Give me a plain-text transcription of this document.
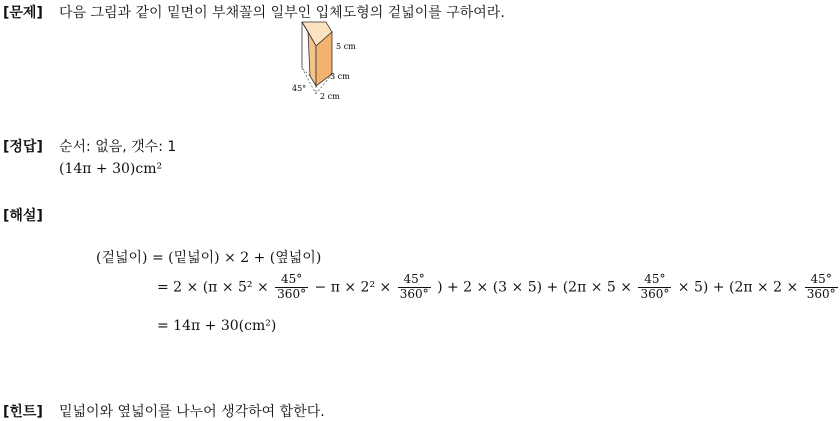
[문제] 다음 그림과 같이 밑면이 부채꼴의 일부인 입체도형의 겉넓이를 구하여라.
5 cm
3 cm
2 cm
45°
[정답] 순서: 없음, 갯수: 1
(14π + 30)cm²
[해설]
(겉넓이) = (밑넓이) × 2 + (옆넓이)
= $2 \times (\pi \times 5^2 \times \frac{45^\circ}{360^\circ} - \pi \times 2^2 \times \frac{45^\circ}{360^\circ}$ ) + $2 \times (3 \times 5) + (2\pi \times 5 \times \frac{45^\circ}{360^\circ} \times 5) + (2\pi \times 2 \times \frac{45^\circ}{360^\circ}$
= 14π + 30(cm²)
[힌트] 밑넓이와 옆넓이를 나누어 생각하여 합한다.
